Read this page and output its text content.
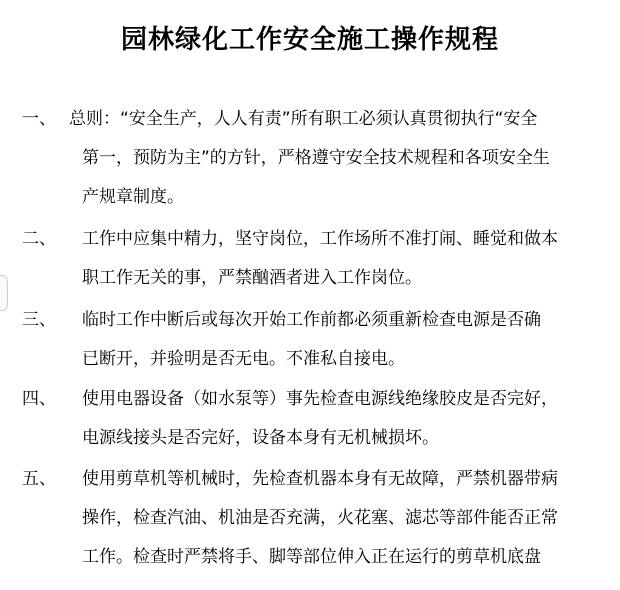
园林绿化工作安全施工操作规程
一、 总则：“安全生产，人人有责”所有职工必须认真贯彻执行“安全
第一，预防为主”的方针，严格遵守安全技术规程和各项安全生
产规章制度。
二、 工作中应集中精力，坚守岗位，工作场所不准打闹、睡觉和做本
职工作无关的事，严禁酗酒者进入工作岗位。
三、 临时工作中断后或每次开始工作前都必须重新检查电源是否确
已断开，并验明是否无电。不准私自接电。
四、 使用电器设备（如水泵等）事先检查电源线绝缘胶皮是否完好，
电源线接头是否完好，设备本身有无机械损坏。
五、 使用剪草机等机械时，先检查机器本身有无故障，严禁机器带病
操作，检查汽油、机油是否充满，火花塞、滤芯等部件能否正常
工作。检查时严禁将手、脚等部位伸入正在运行的剪草机底盘
